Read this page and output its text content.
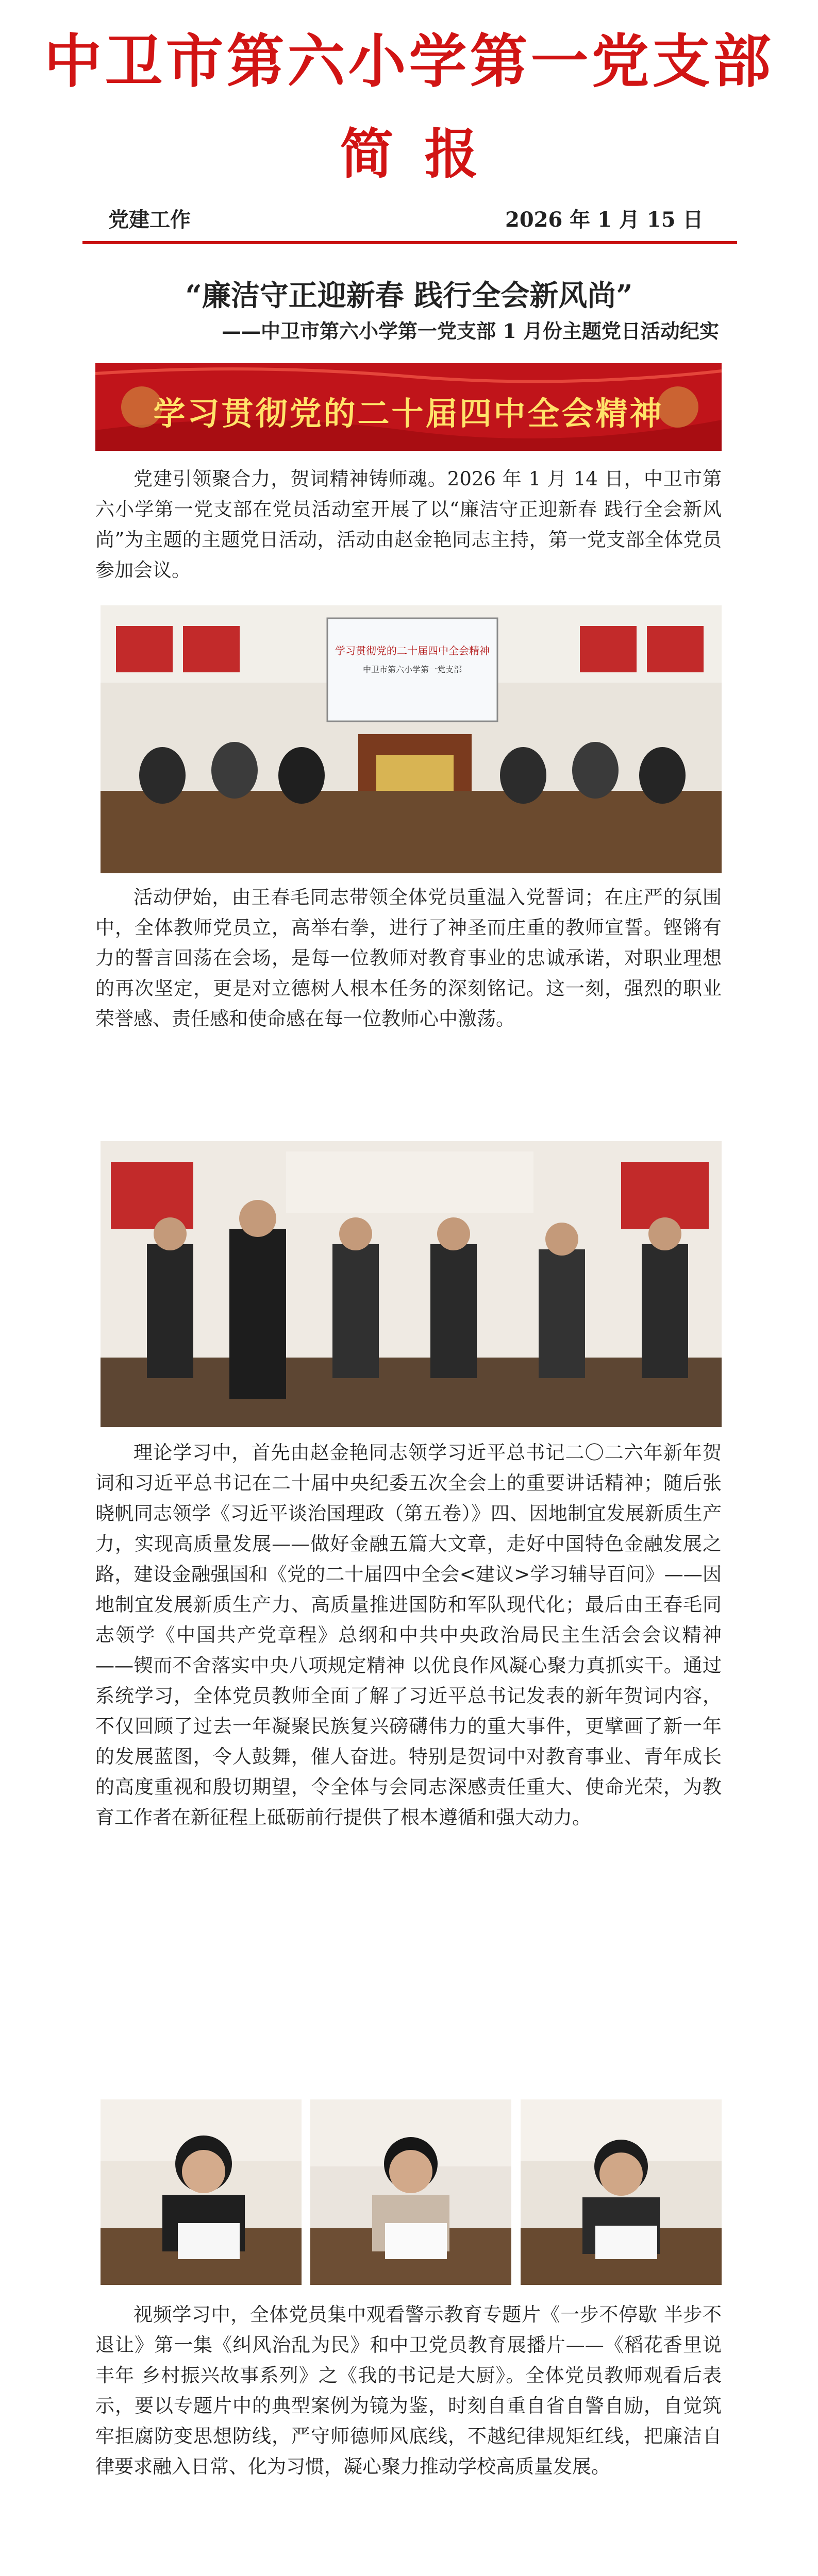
中卫市第六小学第一党支部
简报
党建工作	2026 年 1 月 15 日
“廉洁守正迎新春 践行全会新风尚”
——中卫市第六小学第一党支部 1 月份主题党日活动纪实
学习贯彻党的二十届四中全会精神

党建引领聚合力，贺词精神铸师魂。2026 年 1 月 14 日，中卫市第六小学第一党支部在党员活动室开展了以“廉洁守正迎新春 践行全会新风尚”为主题的主题党日活动，活动由赵金艳同志主持，第一党支部全体党员参加会议。

学习贯彻党的二十届四中全会精神
中卫市第六小学第一党支部

活动伊始，由王春毛同志带领全体党员重温入党誓词；在庄严的氛围中，全体教师党员立，高举右拳，进行了神圣而庄重的教师宣誓。铿锵有力的誓言回荡在会场，是每一位教师对教育事业的忠诚承诺，对职业理想的再次坚定，更是对立德树人根本任务的深刻铭记。这一刻，强烈的职业荣誉感、责任感和使命感在每一位教师心中激荡。

理论学习中，首先由赵金艳同志领学习近平总书记二〇二六年新年贺词和习近平总书记在二十届中央纪委五次全会上的重要讲话精神；随后张晓帆同志领学《习近平谈治国理政（第五卷）》四、因地制宜发展新质生产力，实现高质量发展——做好金融五篇大文章，走好中国特色金融发展之路，建设金融强国和《党的二十届四中全会<建议>学习辅导百问》——因地制宜发展新质生产力、高质量推进国防和军队现代化；最后由王春毛同志领学《中国共产党章程》总纲和中共中央政治局民主生活会会议精神——锲而不舍落实中央八项规定精神 以优良作风凝心聚力真抓实干。通过系统学习，全体党员教师全面了解了习近平总书记发表的新年贺词内容，不仅回顾了过去一年凝聚民族复兴磅礴伟力的重大事件，更擘画了新一年的发展蓝图，令人鼓舞，催人奋进。特别是贺词中对教育事业、青年成长的高度重视和殷切期望，令全体与会同志深感责任重大、使命光荣，为教育工作者在新征程上砥砺前行提供了根本遵循和强大动力。

视频学习中，全体党员集中观看警示教育专题片《一步不停歇 半步不退让》第一集《纠风治乱为民》和中卫党员教育展播片——《稻花香里说丰年 乡村振兴故事系列》之《我的书记是大厨》。全体党员教师观看后表示，要以专题片中的典型案例为镜为鉴，时刻自重自省自警自励，自觉筑牢拒腐防变思想防线，严守师德师风底线，不越纪律规矩红线，把廉洁自律要求融入日常、化为习惯，凝心聚力推动学校高质量发展。
